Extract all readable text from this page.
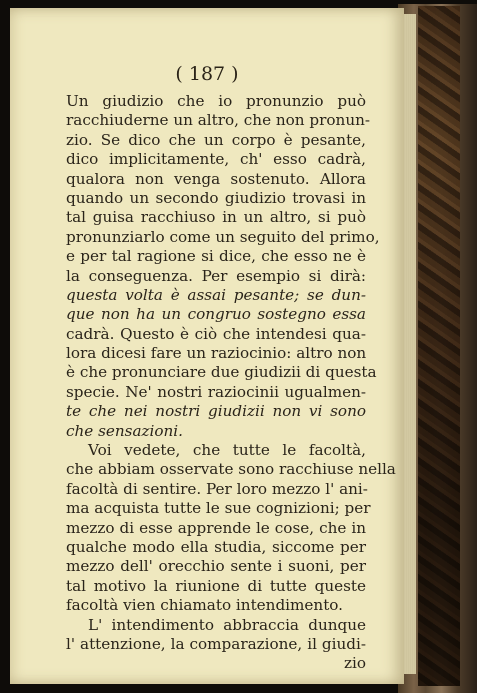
( 187 )
Un giudizio che io pronunzio può
racchiuderne un altro, che non pronun-
zio. Se dico che un corpo è pesante,
dico implicitamente, ch' esso cadrà,
qualora non venga sostenuto. Allora
quando un secondo giudizio trovasi in
tal guisa racchiuso in un altro, si può
pronunziarlo come un seguito del primo,
e per tal ragione si dice, che esso ne è
la conseguenza. Per esempio si dirà:
questa volta è assai pesante; se dun-
que non ha un congruo sostegno essa
cadrà. Questo è ciò che intendesi qua-
lora dicesi fare un raziocinio: altro non
è che pronunciare due giudizii di questa
specie. Ne' nostri raziocinii ugualmen-
te che nei nostri giudizii non vi sono
che sensazioni.
Voi vedete, che tutte le facoltà,
che abbiam osservate sono racchiuse nella
facoltà di sentire. Per loro mezzo l' ani-
ma acquista tutte le sue cognizioni; per
mezzo di esse apprende le cose, che in
qualche modo ella studia, siccome per
mezzo dell' orecchio sente i suoni, per
tal motivo la riunione di tutte queste
facoltà vien chiamato intendimento.
L' intendimento abbraccia dunque
l' attenzione, la comparazione, il giudi-
zio
